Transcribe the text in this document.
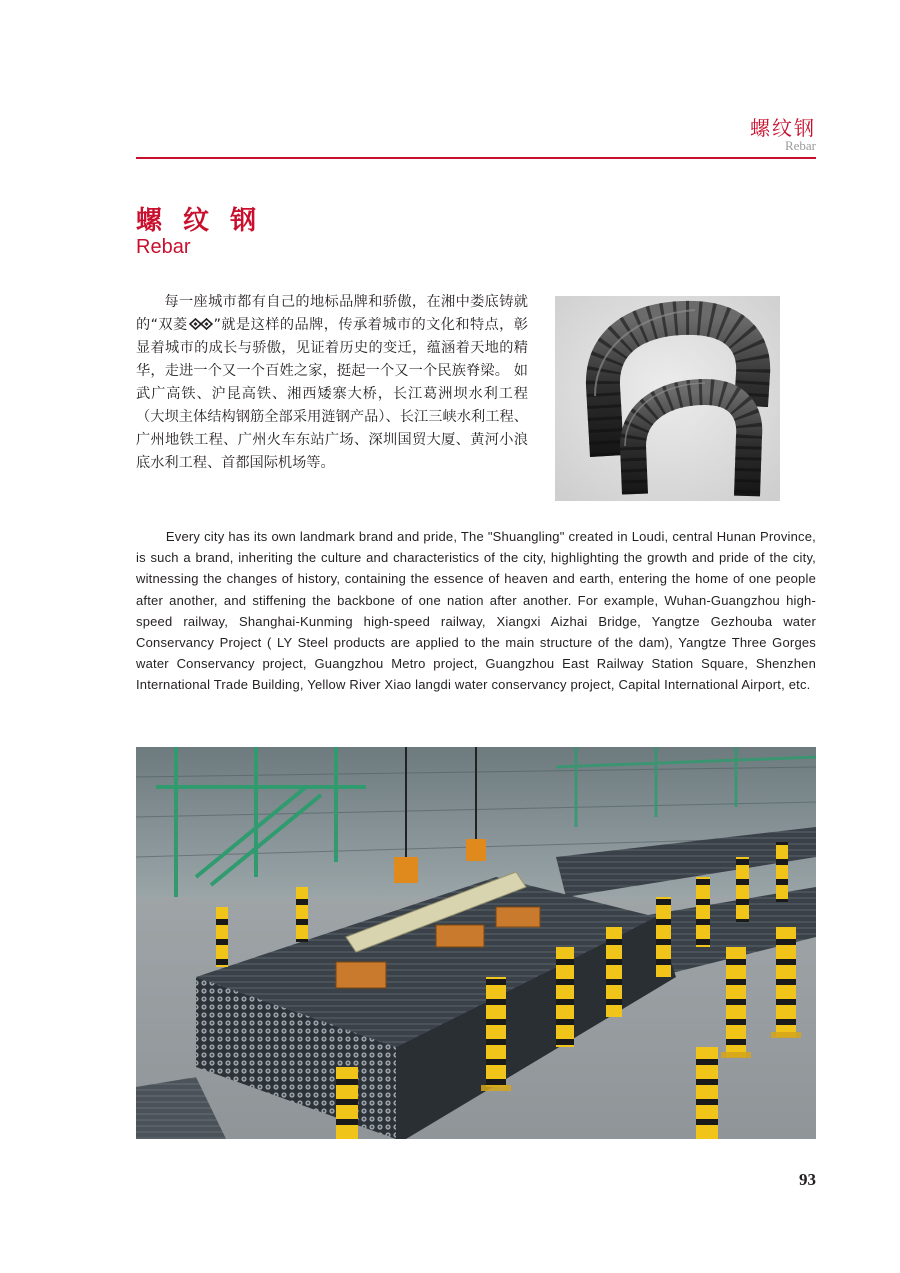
螺纹钢
Rebar
螺 纹 钢
Rebar

每一座城市都有自己的地标品牌和骄傲，在湘中娄底铸就的“双菱 ”就是这样的品牌，传承着城市的文化和特点，彰显着城市的成长与骄傲，见证着历史的变迁，蕴涵着天地的精华，走进一个又一个百姓之家，挺起一个又一个民族脊梁。 如武广高铁、沪昆高铁、湘西矮寨大桥，长江葛洲坝水利工程（大坝主体结构钢筋全部采用涟钢产品）、长江三峡水利工程、广州地铁工程、广州火车东站广场、深圳国贸大厦、黄河小浪底水利工程、首都国际机场等。

Every city has its own landmark brand and pride, The "Shuangling" created in Loudi, central Hunan Province, is such a brand, inheriting the culture and characteristics of the city, highlighting the growth and pride of the city, witnessing the changes of history, containing the essence of heaven and earth, entering the home of one people after another, and stiffening the backbone of one nation after another. For example, Wuhan-Guangzhou high-speed railway, Shanghai-Kunming high-speed railway, Xiangxi Aizhai Bridge, Yangtze Gezhouba water Conservancy Project ( LY Steel products are applied to the main structure of the dam), Yangtze Three Gorges water Conservancy project, Guangzhou Metro project, Guangzhou East Railway Station Square, Shenzhen International Trade Building, Yellow River Xiao langdi water conservancy project, Capital International Airport, etc.

93
